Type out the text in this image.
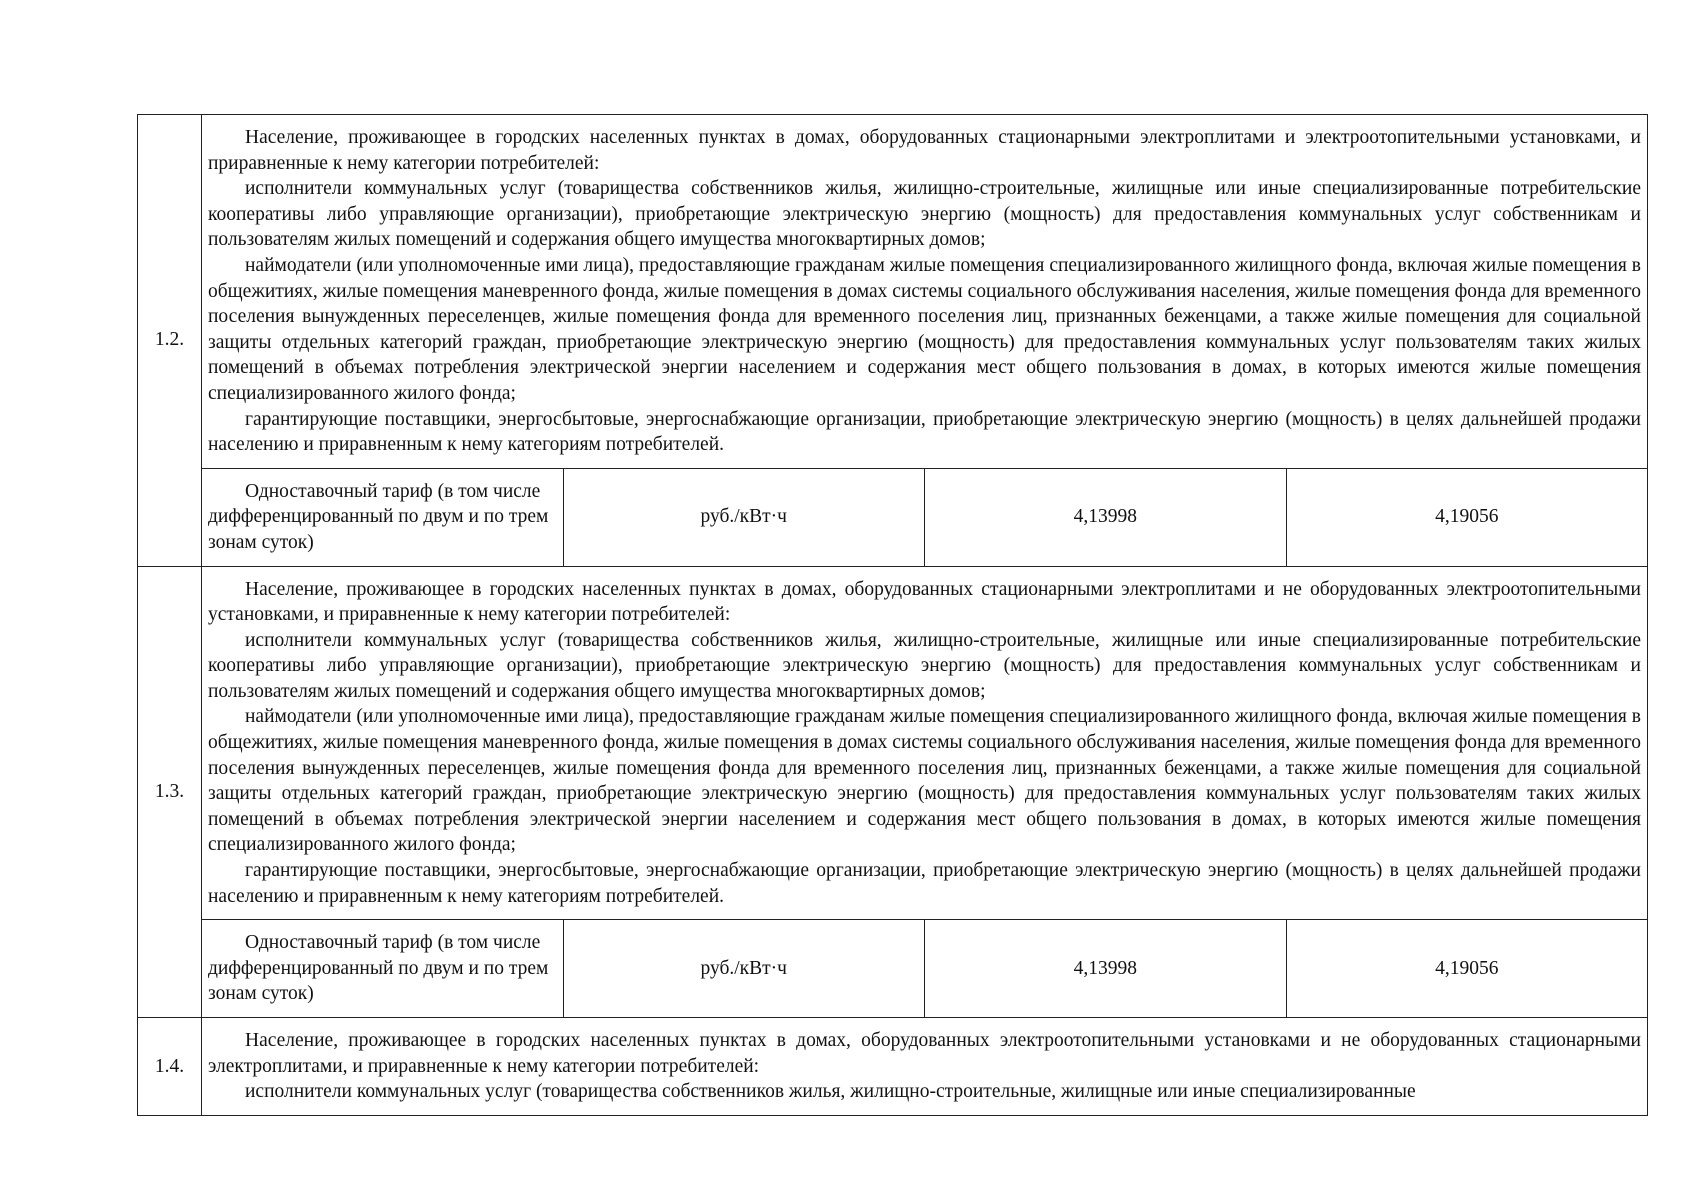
1.2.	Население, проживающее в городских населенных пунктах в домах, оборудованных стационарными электроплитами и электроотопительными установками, и приравненные к нему категории потребителей:

исполнители коммунальных услуг (товарищества собственников жилья, жилищно-строительные, жилищные или иные специализированные потребительские кооперативы либо управляющие организации), приобретающие электрическую энергию (мощность) для предоставления коммунальных услуг собственникам и пользователям жилых помещений и содержания общего имущества многоквартирных домов;

наймодатели (или уполномоченные ими лица), предоставляющие гражданам жилые помещения специализированного жилищного фонда, включая жилые помещения в общежитиях, жилые помещения маневренного фонда, жилые помещения в домах системы социального обслуживания населения, жилые помещения фонда для временного поселения вынужденных переселенцев, жилые помещения фонда для временного поселения лиц, признанных беженцами, а также жилые помещения для социальной защиты отдельных категорий граждан, приобретающие электрическую энергию (мощность) для предоставления коммунальных услуг пользователям таких жилых помещений в объемах потребления электрической энергии населением и содержания мест общего пользования в домах, в которых имеются жилые помещения специализированного жилого фонда;

гарантирующие поставщики, энергосбытовые, энергоснабжающие организации, приобретающие электрическую энергию (мощность) в целях дальнейшей продажи населению и приравненным к нему категориям потребителей.			

	Одноставочный тариф (в том числе дифференцированный по двум и по трем зонам суток)	руб./кВт·ч	4,13998	4,19056
1.3.	Население, проживающее в городских населенных пунктах в домах, оборудованных стационарными электроплитами и не оборудованных электроотопительными установками, и приравненные к нему категории потребителей:

исполнители коммунальных услуг (товарищества собственников жилья, жилищно-строительные, жилищные или иные специализированные потребительские кооперативы либо управляющие организации), приобретающие электрическую энергию (мощность) для предоставления коммунальных услуг собственникам и пользователям жилых помещений и содержания общего имущества многоквартирных домов;

наймодатели (или уполномоченные ими лица), предоставляющие гражданам жилые помещения специализированного жилищного фонда, включая жилые помещения в общежитиях, жилые помещения маневренного фонда, жилые помещения в домах системы социального обслуживания населения, жилые помещения фонда для временного поселения вынужденных переселенцев, жилые помещения фонда для временного поселения лиц, признанных беженцами, а также жилые помещения для социальной защиты отдельных категорий граждан, приобретающие электрическую энергию (мощность) для предоставления коммунальных услуг пользователям таких жилых помещений в объемах потребления электрической энергии населением и содержания мест общего пользования в домах, в которых имеются жилые помещения специализированного жилого фонда;

гарантирующие поставщики, энергосбытовые, энергоснабжающие организации, приобретающие электрическую энергию (мощность) в целях дальнейшей продажи населению и приравненным к нему категориям потребителей.			

	Одноставочный тариф (в том числе дифференцированный по двум и по трем зонам суток)	руб./кВт·ч	4,13998	4,19056
1.4.	Население, проживающее в городских населенных пунктах в домах, оборудованных электроотопительными установками и не оборудованных стационарными электроплитами, и приравненные к нему категории потребителей:

исполнители коммунальных услуг (товарищества собственников жилья, жилищно-строительные, жилищные или иные специализированные			
